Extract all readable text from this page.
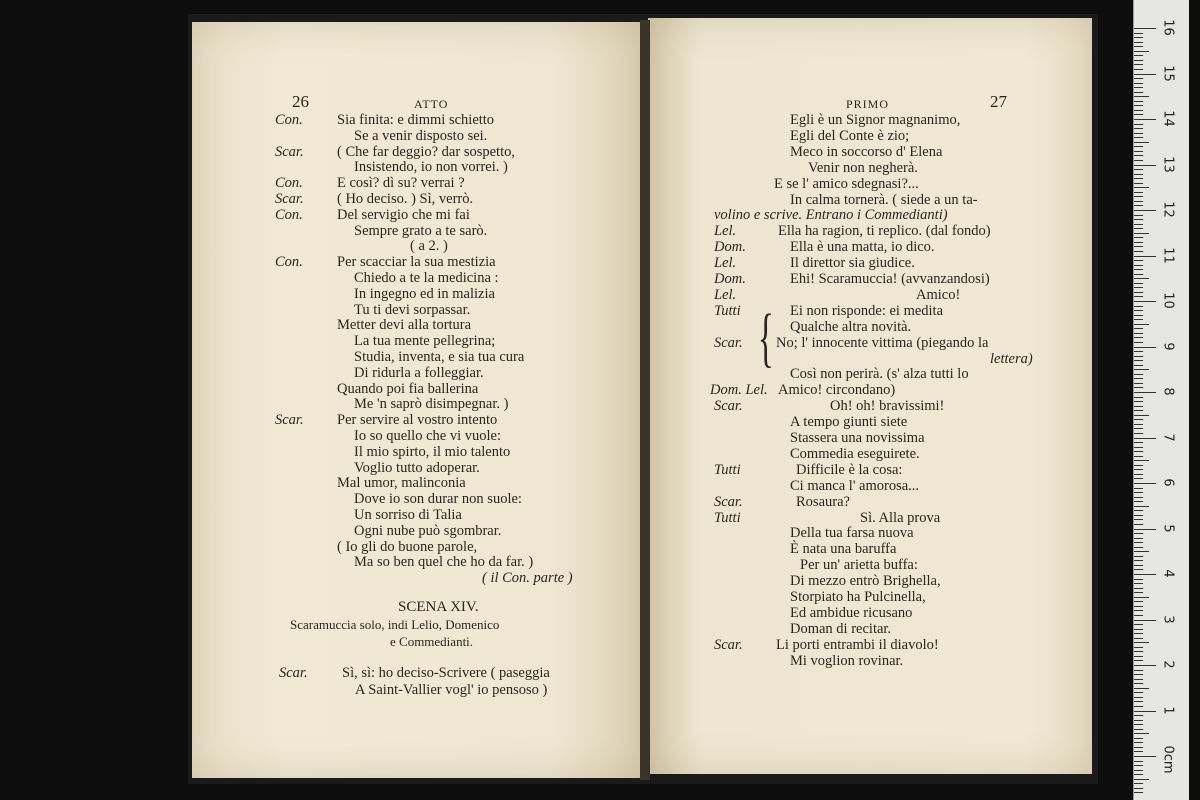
Con. Sia finita: e dimmi schietto
Se a venir disposto sei.
Scar. ( Che far deggio? dar sospetto,
Insistendo, io non vorrei. )
Con. E così? dì su? verrai ?
Scar. ( Ho deciso. ) Sì, verrò.
Con. Del servigio che mi fai
Sempre grato a te sarò.
( a 2. )
Con. Per scacciar la sua mestizia
Chiedo a te la medicina :
In ingegno ed in malizia
Tu ti devi sorpassar.
Metter devi alla tortura
La tua mente pellegrina;
Studia, inventa, e sia tua cura
Di ridurla a folleggiar.
Quando poi fia ballerina
Me 'n saprò disimpegnar. )
Scar. Per servire al vostro intento
Io so quello che vi vuole:
Il mio spirto, il mio talento
Voglio tutto adoperar.
Mal umor, malinconia
Dove io son durar non suole:
Un sorriso di Talia
Ogni nube può sgombrar.
( Io gli do buone parole,
Ma so ben quel che ho da far. )
( il Con. parte )
Scar. Sì, sì: ho deciso-Scrivere ( paseggia
A Saint-Vallier vogl' io pensoso )
Egli è un Signor magnanimo,
Egli del Conte è zio;
Meco in soccorso d' Elena
Venir non negherà.
E se l' amico sdegnasi?...
In calma tornerà. ( siede a un ta-
volino e scrive. Entrano i Commedianti)
Lel.	Ella ha ragion, ti replico. (dal fondo)
Dom.	Ella è una matta, io dico.
Lel.	Il direttor sia giudice.
Dom.	Ehi! Scaramuccia! (avvanzandosi)
Lel.	Amico!
Tutti	Ei non risponde: ei medita
Qualche altra novità.
Scar. No; l' innocente vittima (piegando la
lettera)
Così non perirà. (s' alza tutti lo
Dom. Lel. Amico! circondano)
Scar.	Oh! oh! bravissimi!
A tempo giunti siete
Stassera una novissima
Commedia eseguirete.
Tutti	Difficile è la cosa:
Ci manca l' amorosa...
Scar.	Rosaura?
Tutti	Sì. Alla prova
Della tua farsa nuova
È nata una baruffa
Per un' arietta buffa:
Di mezzo entrò Brighella,
Storpiato ha Pulcinella,
Ed ambidue ricusano
Doman di recitar.
Scar. Li porti entrambi il diavolo!
Mi voglion rovinar.
26	ATTO	27
PRIMO
SCENA XIV.
Scaramuccia solo, indi Lelio, Domenico
e Commedianti.
{
16
15
14
13
12
11
10
9
8
7
6
5
4
3
2
1
0cm
